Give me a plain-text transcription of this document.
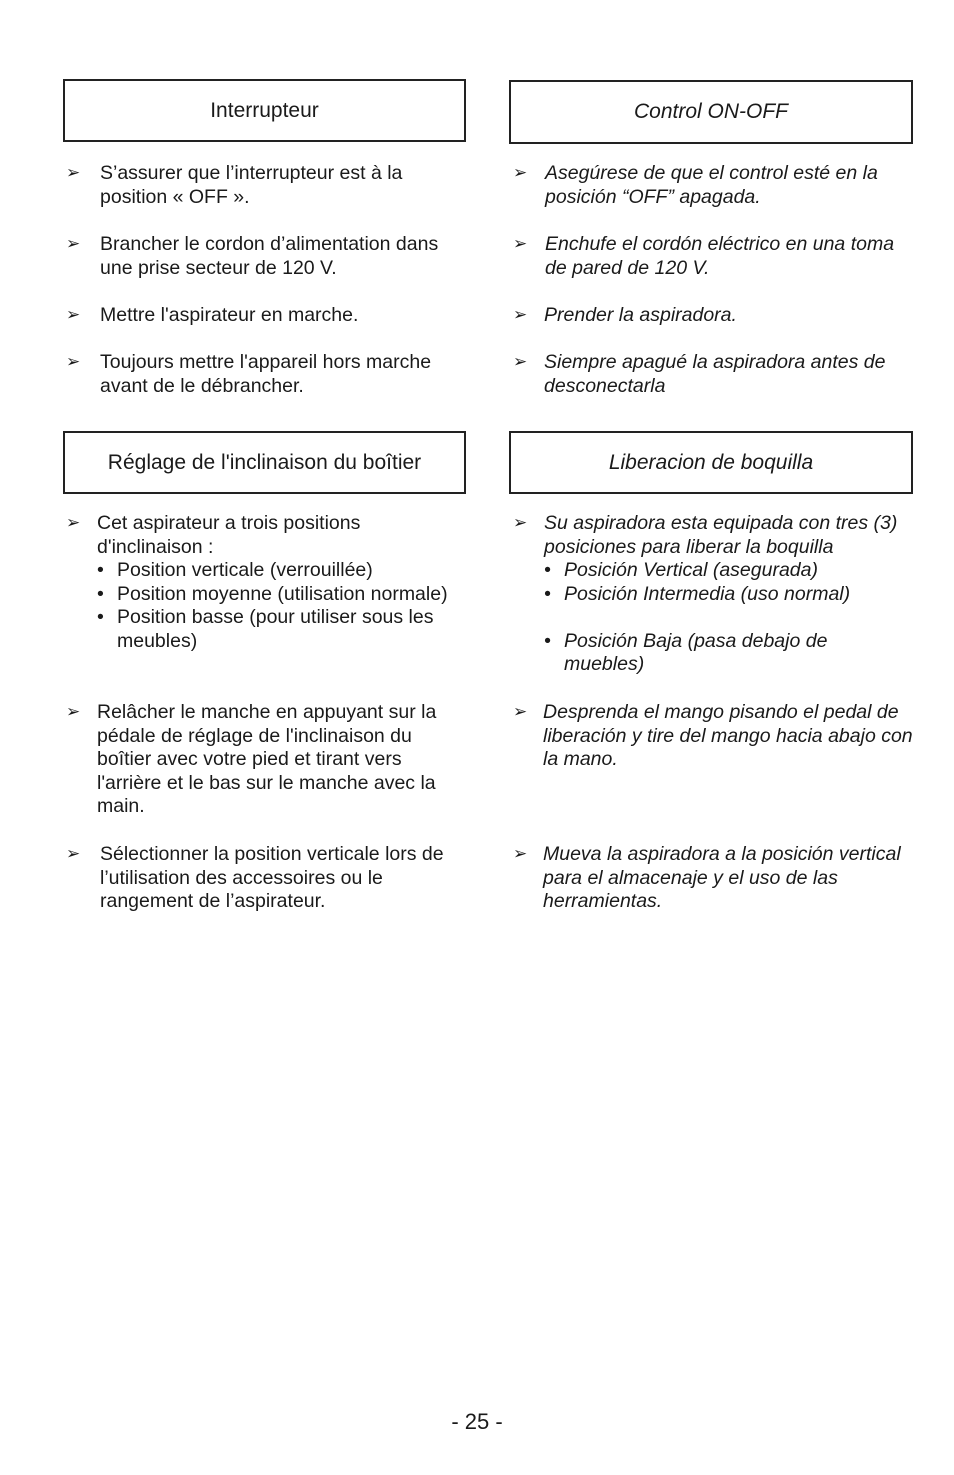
Interrupteur
➢ S’assurer que l’interrupteur est à la position « OFF ».
➢ Brancher le cordon d’alimentation dans une prise secteur de 120 V.
➢ Mettre l'aspirateur en marche.
➢ Toujours mettre l'appareil hors marche avant de le débrancher.
Réglage de l'inclinaison du boîtier
➢ Cet aspirateur a trois positions d'inclinaison :
• Position verticale (verrouillée)
• Position moyenne (utilisation normale)
• Position basse (pour utiliser sous les meubles)
➢ Relâcher le manche en appuyant sur la pédale de réglage de l'inclinaison du boîtier avec votre pied et tirant vers l'arrière et le bas sur le manche avec la main.
➢ Sélectionner la position verticale lors de l’utilisation des accessoires ou le rangement de l’aspirateur.
Control ON-OFF
➢ Asegúrese de que el control esté en la posición “OFF” apagada.
➢ Enchufe el cordón eléctrico en una toma de pared de 120 V.
➢ Prender la aspiradora.
➢ Siempre apagué la aspiradora antes de desconectarla
Liberacion de boquilla
➢ Su aspiradora esta equipada con tres (3) posiciones para liberar la boquilla
• Posición Vertical (asegurada)
• Posición Intermedia (uso normal)
• Posición Baja (pasa debajo de muebles)
➢ Desprenda el mango pisando el pedal de liberación y tire del mango hacia abajo con la mano.
➢ Mueva la aspiradora a la posición vertical para el almacenaje y el uso de las herramientas.
- 25 -
